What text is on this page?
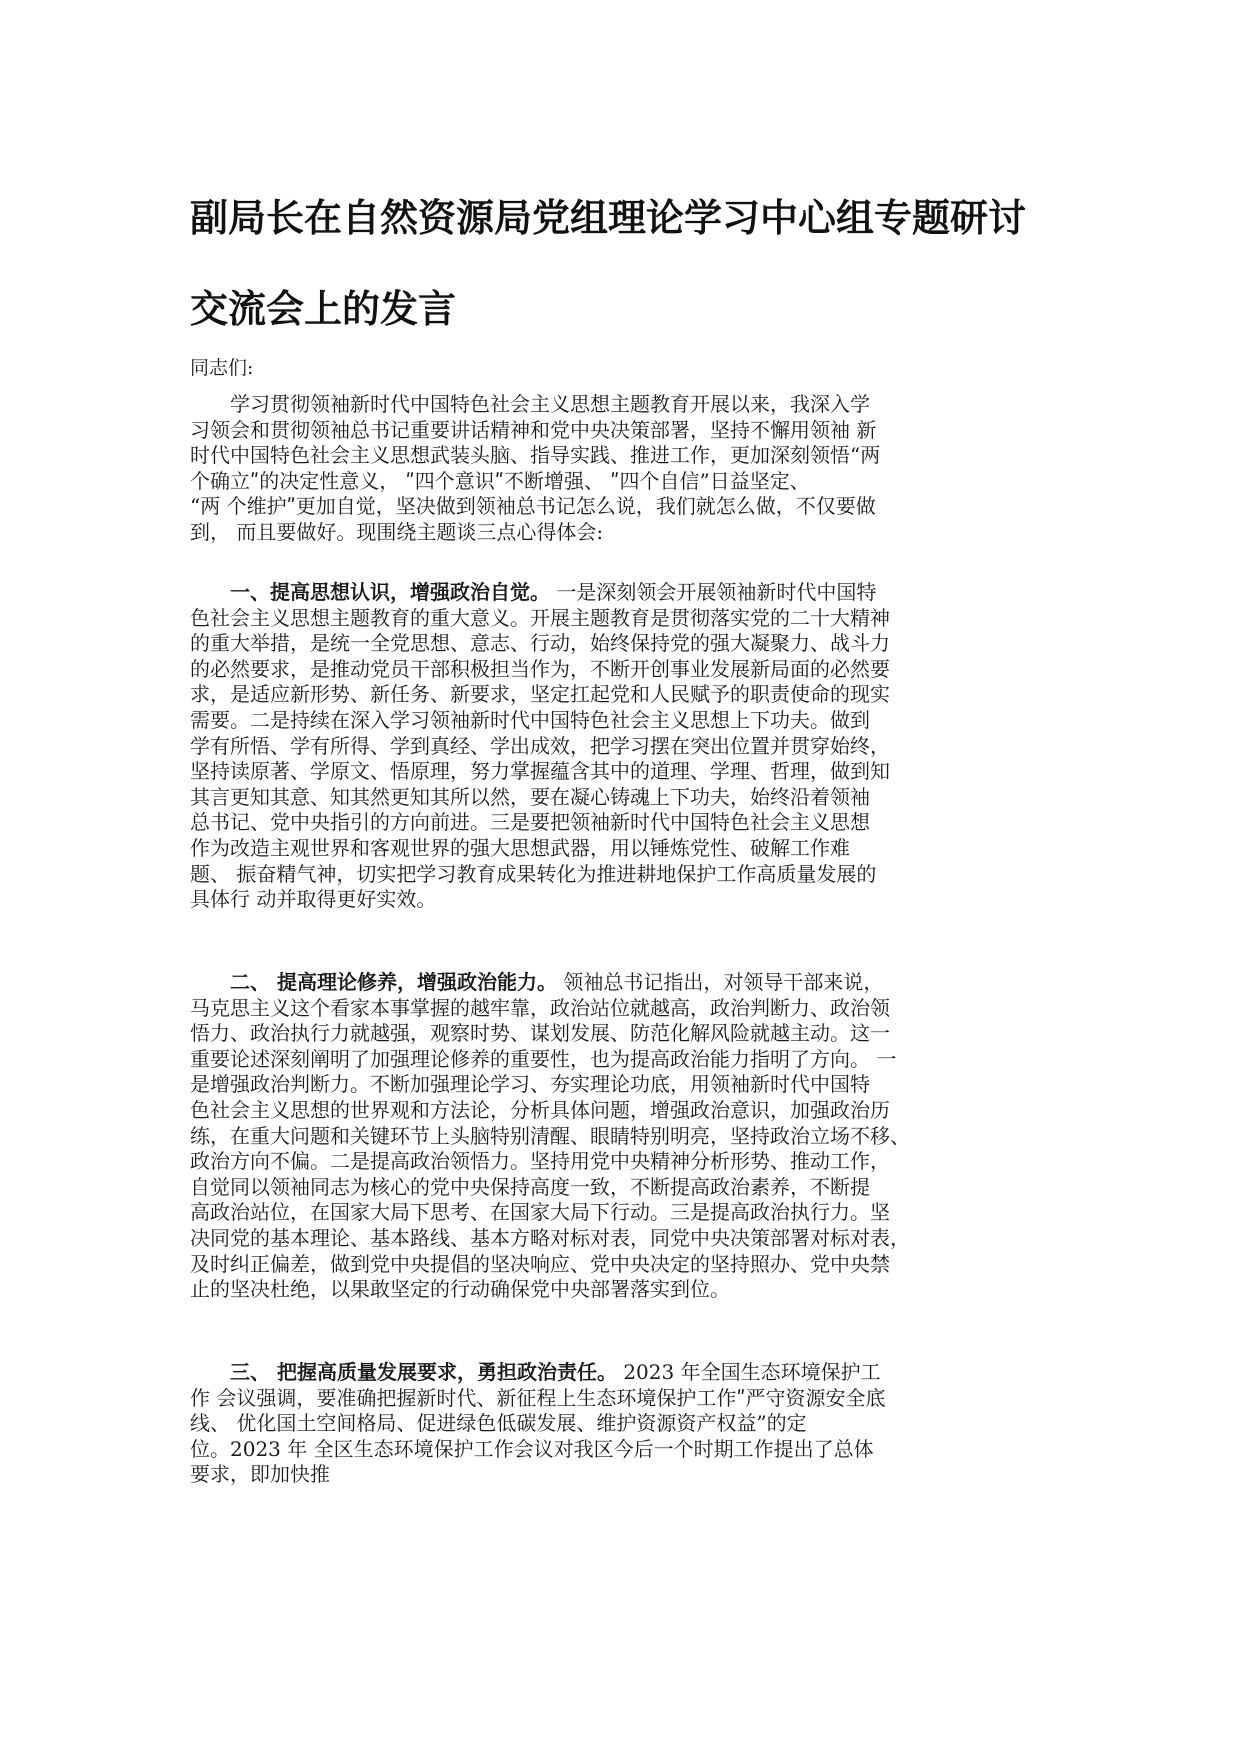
副局长在自然资源局党组理论学习中心组专题研讨
交流会上的发言

同志们:

　　学习贯彻领袖新时代中国特色社会主义思想主题教育开展以来，我深入学
习领会和贯彻领袖总书记重要讲话精神和党中央决策部署，坚持不懈用领袖 新
时代中国特色社会主义思想武装头脑、指导实践、推进工作，更加深刻领悟“两
个确立ʺ的决定性意义， ʺ四个意识ʺ不断增强、 ʺ四个自信”日益坚定、
“两 个维护ʺ更加自觉，坚决做到领袖总书记怎么说，我们就怎么做，不仅要做
到， 而且要做好。现围绕主题谈三点心得体会:
　　一、提高思想认识，增强政治自觉。 一是深刻领会开展领袖新时代中国特
色社会主义思想主题教育的重大意义。开展主题教育是贯彻落实党的二十大精神
的重大举措，是统一全党思想、意志、行动，始终保持党的强大凝聚力、战斗力
的必然要求，是推动党员干部积极担当作为，不断开创事业发展新局面的必然要
求，是适应新形势、新任务、新要求，坚定扛起党和人民赋予的职责使命的现实
需要。二是持续在深入学习领袖新时代中国特色社会主义思想上下功夫。做到
学有所悟、学有所得、学到真经、学出成效，把学习摆在突出位置并贯穿始终，
坚持读原著、学原文、悟原理，努力掌握蕴含其中的道理、学理、哲理，做到知
其言更知其意、知其然更知其所以然，要在凝心铸魂上下功夫，始终沿着领袖
总书记、党中央指引的方向前进。三是要把领袖新时代中国特色社会主义思想
作为改造主观世界和客观世界的强大思想武器，用以锤炼党性、破解工作难
题、 振奋精气神，切实把学习教育成果转化为推进耕地保护工作高质量发展的
具体行 动并取得更好实效。
　　二、 提高理论修养，增强政治能力。 领袖总书记指出，对领导干部来说，
马克思主义这个看家本事掌握的越牢靠，政治站位就越高，政治判断力、政治领
悟力、政治执行力就越强，观察时势、谋划发展、防范化解风险就越主动。这一
重要论述深刻阐明了加强理论修养的重要性，也为提高政治能力指明了方向。 一
是增强政治判断力。不断加强理论学习、夯实理论功底，用领袖新时代中国特
色社会主义思想的世界观和方法论，分析具体问题，增强政治意识，加强政治历
练，在重大问题和关键环节上头脑特别清醒、眼睛特别明亮，坚持政治立场不移、
政治方向不偏。二是提高政治领悟力。坚持用党中央精神分析形势、推动工作，
自觉同以领袖同志为核心的党中央保持高度一致，不断提高政治素养，不断提
高政治站位，在国家大局下思考、在国家大局下行动。三是提高政治执行力。坚
决同党的基本理论、基本路线、基本方略对标对表，同党中央决策部署对标对表，
及时纠正偏差，做到党中央提倡的坚决响应、党中央决定的坚持照办、党中央禁
止的坚决杜绝，以果敢坚定的行动确保党中央部署落实到位。
　　三、 把握高质量发展要求，勇担政治责任。 2023 年全国生态环境保护工
作 会议强调，要准确把握新时代、新征程上生态环境保护工作ʺ严守资源安全底
线、 优化国土空间格局、促进绿色低碳发展、维护资源资产权益”的定
位。2023 年 全区生态环境保护工作会议对我区今后一个时期工作提出了总体
要求，即加快推
